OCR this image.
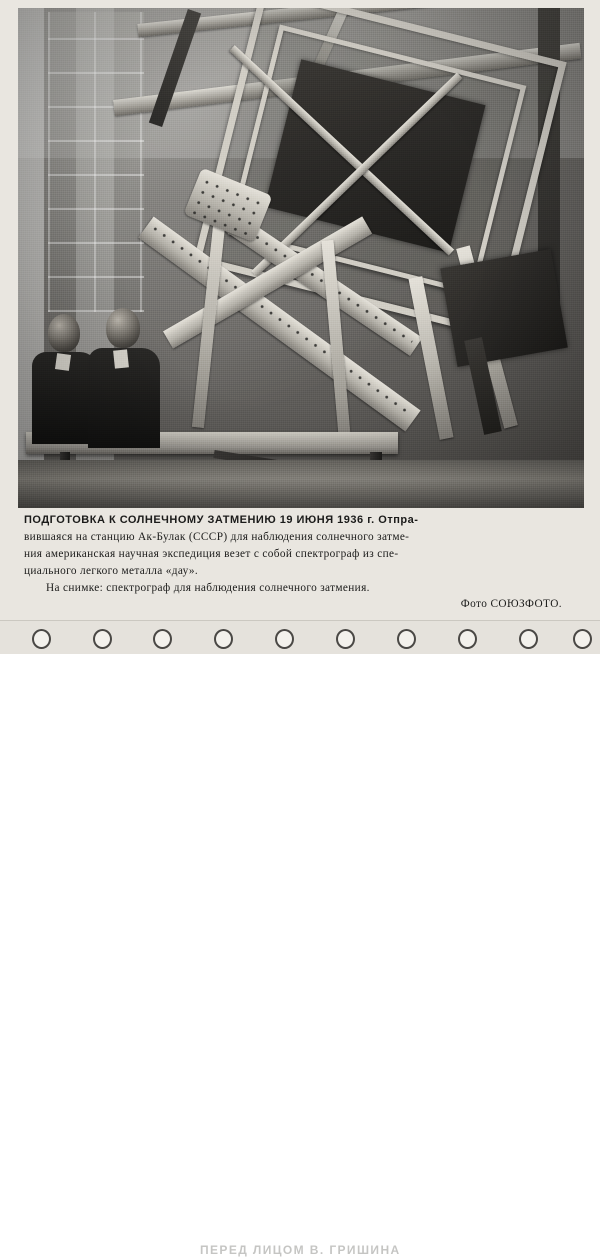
ПОДГОТОВКА К СОЛНЕЧНОМУ ЗАТМЕНИЮ 19 ИЮНЯ 1936 г. Отпра-
вившаяся на станцию Ак-Булак (СССР) для наблюдения солнечного затме-
ния американская научная экспедиция везет с собой спектрограф из спе-
циального легкого металла «дау».
На снимке: спектрограф для наблюдения солнечного затмения.
Фото СОЮЗФОТО.
ПЕРЕД ЛИЦОМ В. ГРИШИНА
